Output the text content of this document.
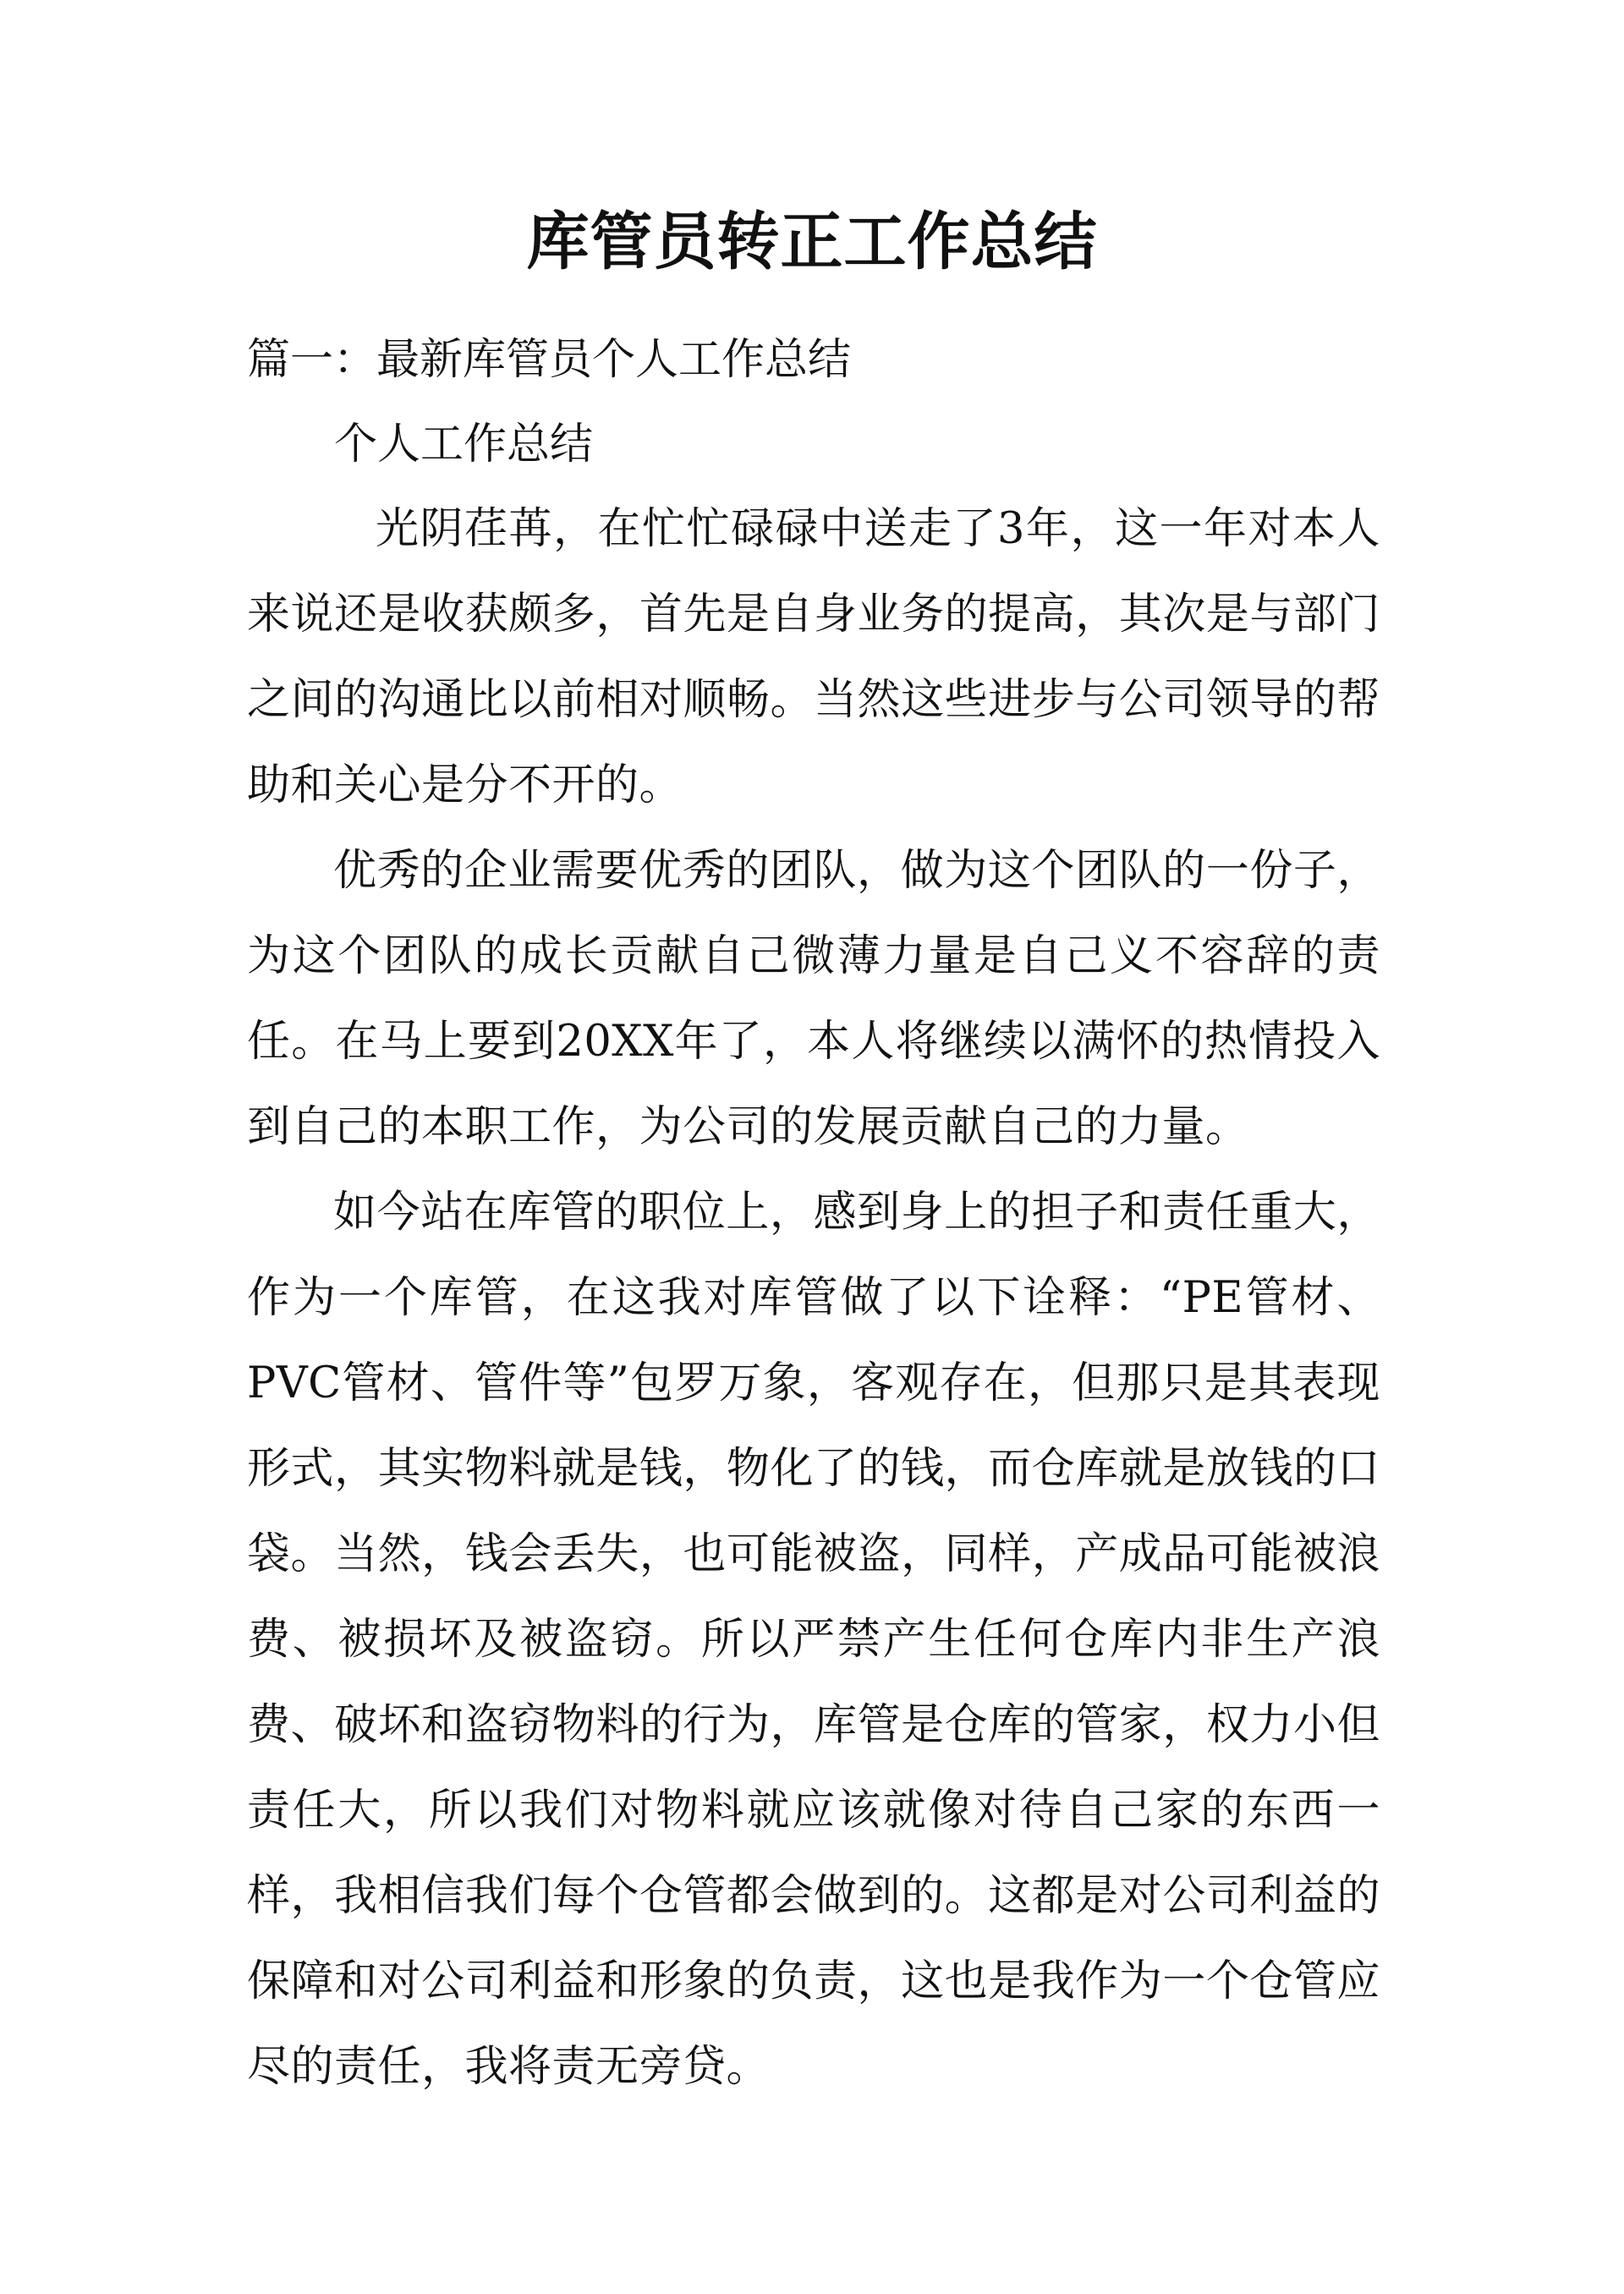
库管员转正工作总结
篇一：最新库管员个人工作总结
个人工作总结

光阴荏苒，在忙忙碌碌中送走了3年，这一年对本人来说还是收获颇多，首先是自身业务的提高，其次是与部门之间的沟通比以前相对顺畅。当然这些进步与公司领导的帮助和关心是分不开的。

优秀的企业需要优秀的团队，做为这个团队的一份子，为这个团队的成长贡献自己微薄力量是自己义不容辞的责任。在马上要到20XX年了，本人将继续以满怀的热情投入到自己的本职工作，为公司的发展贡献自己的力量。

如今站在库管的职位上，感到身上的担子和责任重大，作为一个库管，在这我对库管做了以下诠释：“PE管材、PVC管材、管件等”包罗万象，客观存在，但那只是其表现形式，其实物料就是钱，物化了的钱，而仓库就是放钱的口袋。当然，钱会丢失，也可能被盗，同样，产成品可能被浪费、被损坏及被盗窃。所以严禁产生任何仓库内非生产浪费、破坏和盗窃物料的行为，库管是仓库的管家，权力小但责任大，所以我们对物料就应该就像对待自己家的东西一样，我相信我们每个仓管都会做到的。这都是对公司利益的保障和对公司利益和形象的负责，这也是我作为一个仓管应尽的责任，我将责无旁贷。
